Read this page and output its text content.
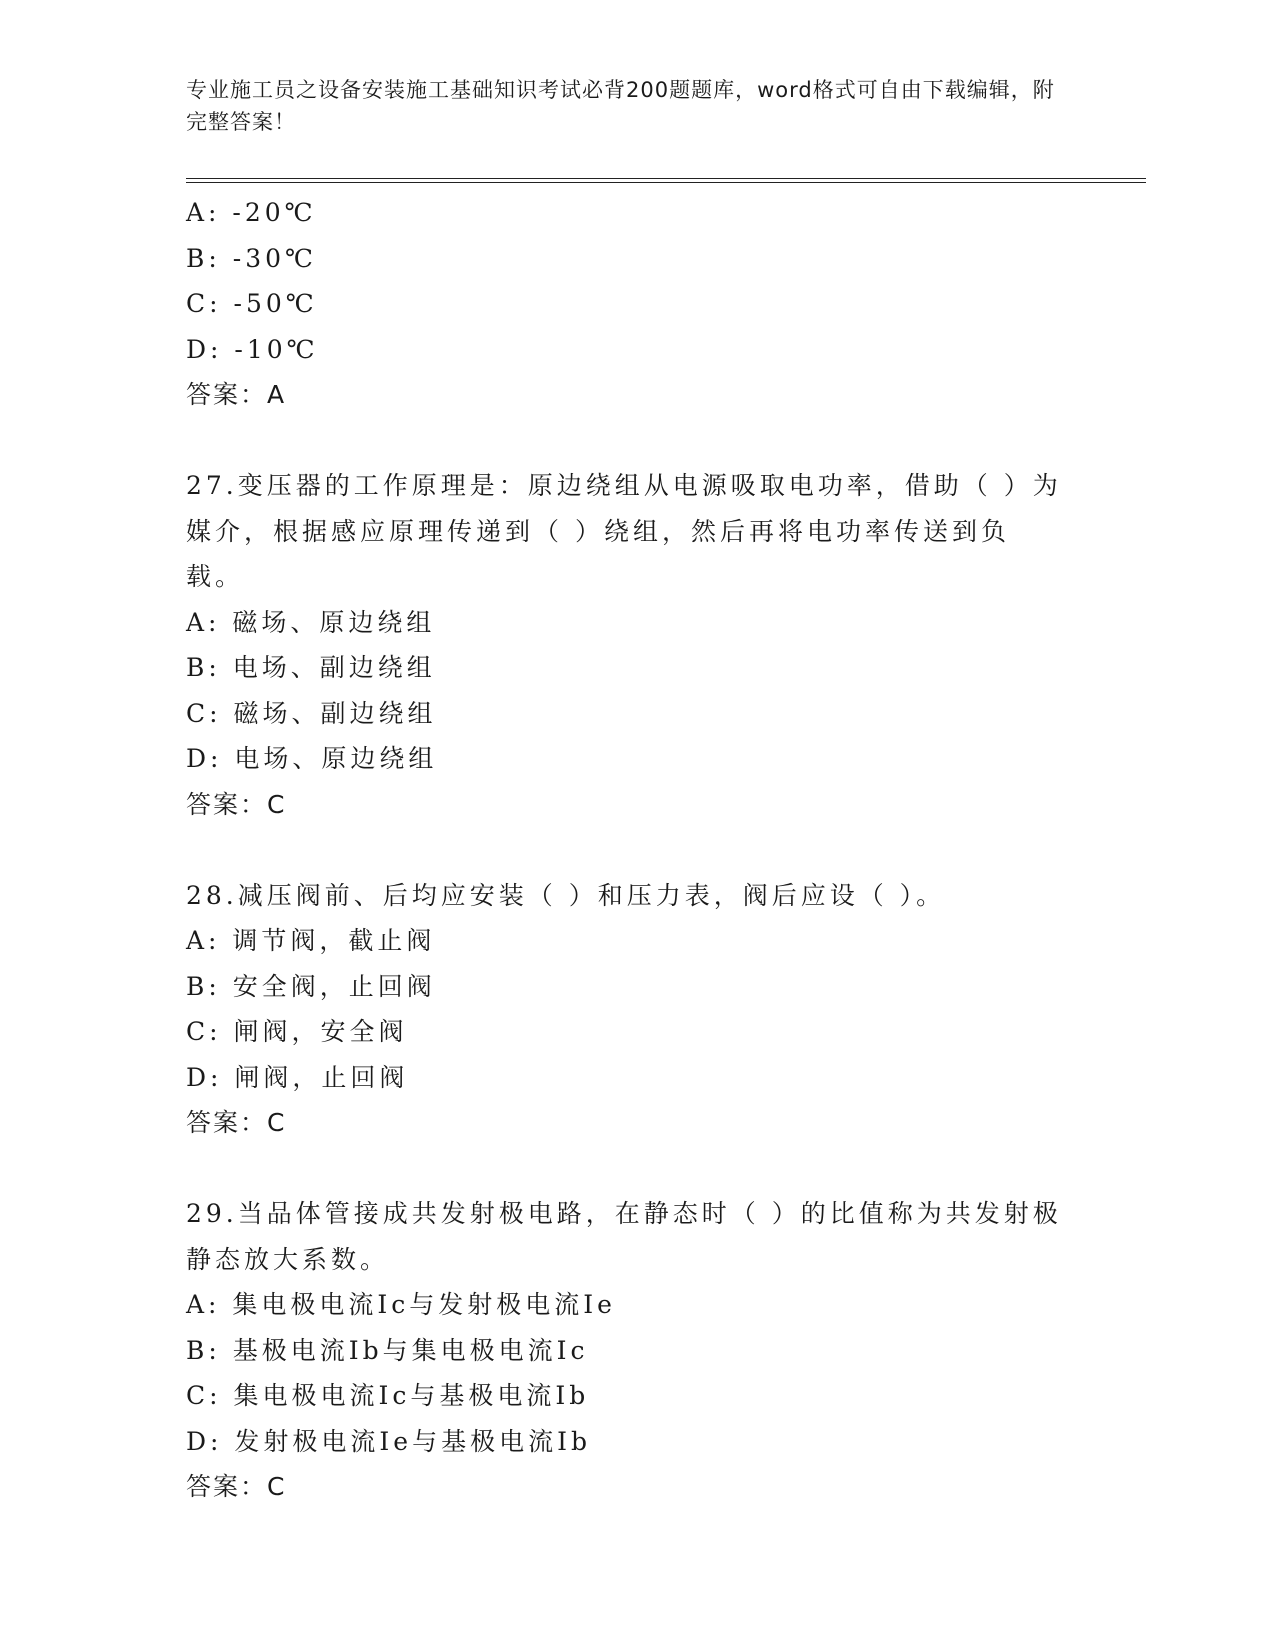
专业施工员之设备安装施工基础知识考试必背200题题库，word格式可自由下载编辑，附完整答案！
A: -20℃
B: -30℃
C: -50℃
D: -10℃
答案：A
27.变压器的工作原理是：原边绕组从电源吸取电功率，借助（ ）为媒介，根据感应原理传递到（ ）绕组，然后再将电功率传送到负载。
A: 磁场、原边绕组
B: 电场、副边绕组
C: 磁场、副边绕组
D: 电场、原边绕组
答案：C
28.减压阀前、后均应安装（ ）和压力表，阀后应设（ ）。
A: 调节阀，截止阀
B: 安全阀，止回阀
C: 闸阀，安全阀
D: 闸阀，止回阀
答案：C
29.当品体管接成共发射极电路，在静态时（ ）的比值称为共发射极静态放大系数。
A: 集电极电流Ic与发射极电流Ie
B: 基极电流Ib与集电极电流Ic
C: 集电极电流Ic与基极电流Ib
D: 发射极电流Ie与基极电流Ib
答案：C
